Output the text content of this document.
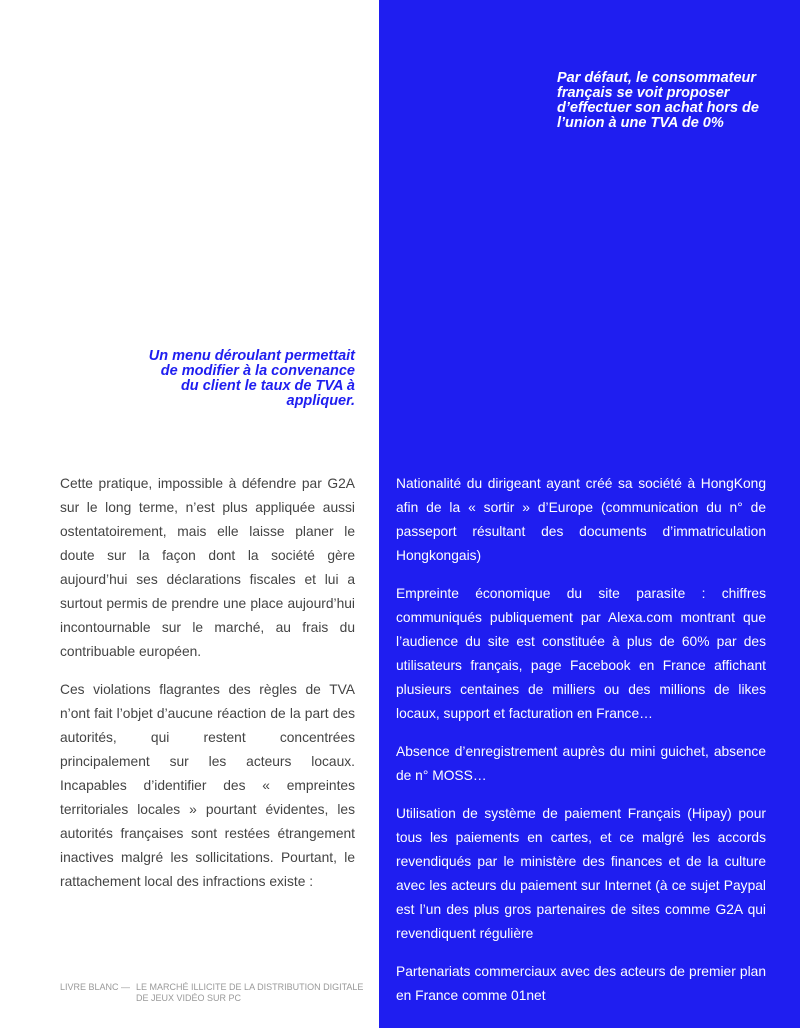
Par défaut, le consommateur français se voit proposer d’effectuer son achat hors de l’union à une TVA de 0%
Un menu déroulant permettait de modifier à la convenance du client le taux de TVA à appliquer.

Cette pratique, impossible à défendre par G2A sur le long terme, n’est plus appliquée aussi ostentatoirement, mais elle laisse planer le doute sur la façon dont la société gère aujourd’hui ses déclarations fiscales et lui a surtout permis de prendre une place aujourd’hui incontournable sur le marché, au frais du contribuable européen.

Ces violations flagrantes des règles de TVA n’ont fait l’objet d’aucune réaction de la part des autorités, qui restent concentrées principalement sur les acteurs locaux. Incapables d’identifier des « empreintes territoriales locales » pourtant évidentes, les autorités françaises sont restées étrangement inactives malgré les sollicitations. Pourtant, le rattachement local des infractions existe :

Nationalité du dirigeant ayant créé sa société à HongKong afin de la « sortir » d’Europe (communication du n° de passeport résultant des documents d’immatriculation Hongkongais)

Empreinte économique du site parasite : chiffres communiqués publiquement par Alexa.com montrant que l’audience du site est constituée à plus de 60% par des utilisateurs français, page Facebook en France affichant plusieurs centaines de milliers ou des millions de likes locaux, support et facturation en France…

Absence d’enregistrement auprès du mini guichet, absence de n° MOSS…

Utilisation de système de paiement Français (Hipay) pour tous les paiements en cartes, et ce malgré les accords revendiqués par le ministère des finances et de la culture avec les acteurs du paiement sur Internet (à ce sujet Paypal est l’un des plus gros partenaires de sites comme G2A qui revendiquent régulière

Partenariats commerciaux avec des acteurs de premier plan en France comme 01net

LIVRE BLANC — LE MARCHÉ ILLICITE DE LA DISTRIBUTION DIGITALE
DE JEUX VIDÉO SUR PC
